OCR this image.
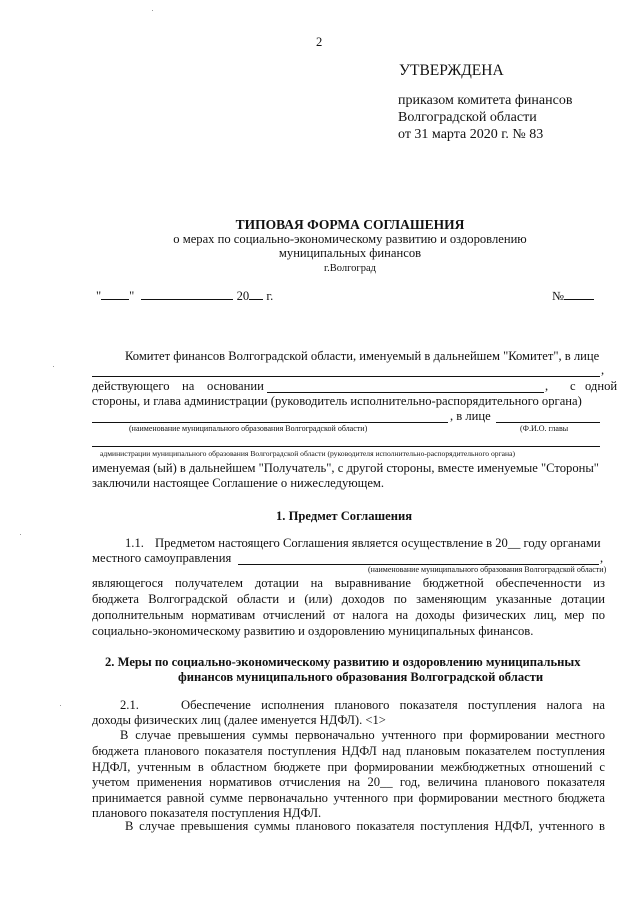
2
УТВЕРЖДЕНА
приказом комитета финансов
Волгоградской области
от 31 марта 2020 г. № 83
ТИПОВАЯ ФОРМА СОГЛАШЕНИЯ
о мерах по социально-экономическому развитию и оздоровлению
муниципальных финансов
г.Волгоград
" "	20 г.	№
Комитет финансов Волгоградской области, именуемый в дальнейшем "Комитет", в лице
,
действующего на основании	, с одной
стороны, и глава администрации (руководитель исполнительно-распорядительного органа)
, в лице
(наименование муниципального образования Волгоградской области)	(Ф.И.О. главы
администрации муниципального образования Волгоградской области (руководителя исполнительно-распорядительного органа)
именуемая (ый) в дальнейшем "Получатель", с другой стороны, вместе именуемые "Стороны"
заключили настоящее Соглашение о нижеследующем.
1. Предмет Соглашения
1.1. Предметом настоящего Соглашения является осуществление в 20__ году органами
местного самоуправления	,
(наименование муниципального образования Волгоградской области)
являющегося получателем дотации на выравнивание бюджетной обеспеченности из
бюджета Волгоградской области и (или) доходов по заменяющим указанные дотации
дополнительным нормативам отчислений от налога на доходы физических лиц, мер по
социально-экономическому развитию и оздоровлению муниципальных финансов.
2. Меры по социально-экономическому развитию и оздоровлению муниципальных
финансов муниципального образования Волгоградской области
2.1.	Обеспечение исполнения планового показателя поступления налога на
доходы физических лиц (далее именуется НДФЛ). <1>
В случае превышения суммы первоначально учтенного при формировании местного
бюджета планового показателя поступления НДФЛ над плановым показателем поступления
НДФЛ, учтенным в областном бюджете при формировании межбюджетных отношений с
учетом применения нормативов отчисления на 20__ год, величина планового показателя
принимается равной сумме первоначально учтенного при формировании местного бюджета
планового показателя поступления НДФЛ.
В случае превышения суммы планового показателя поступления НДФЛ, учтенного в
